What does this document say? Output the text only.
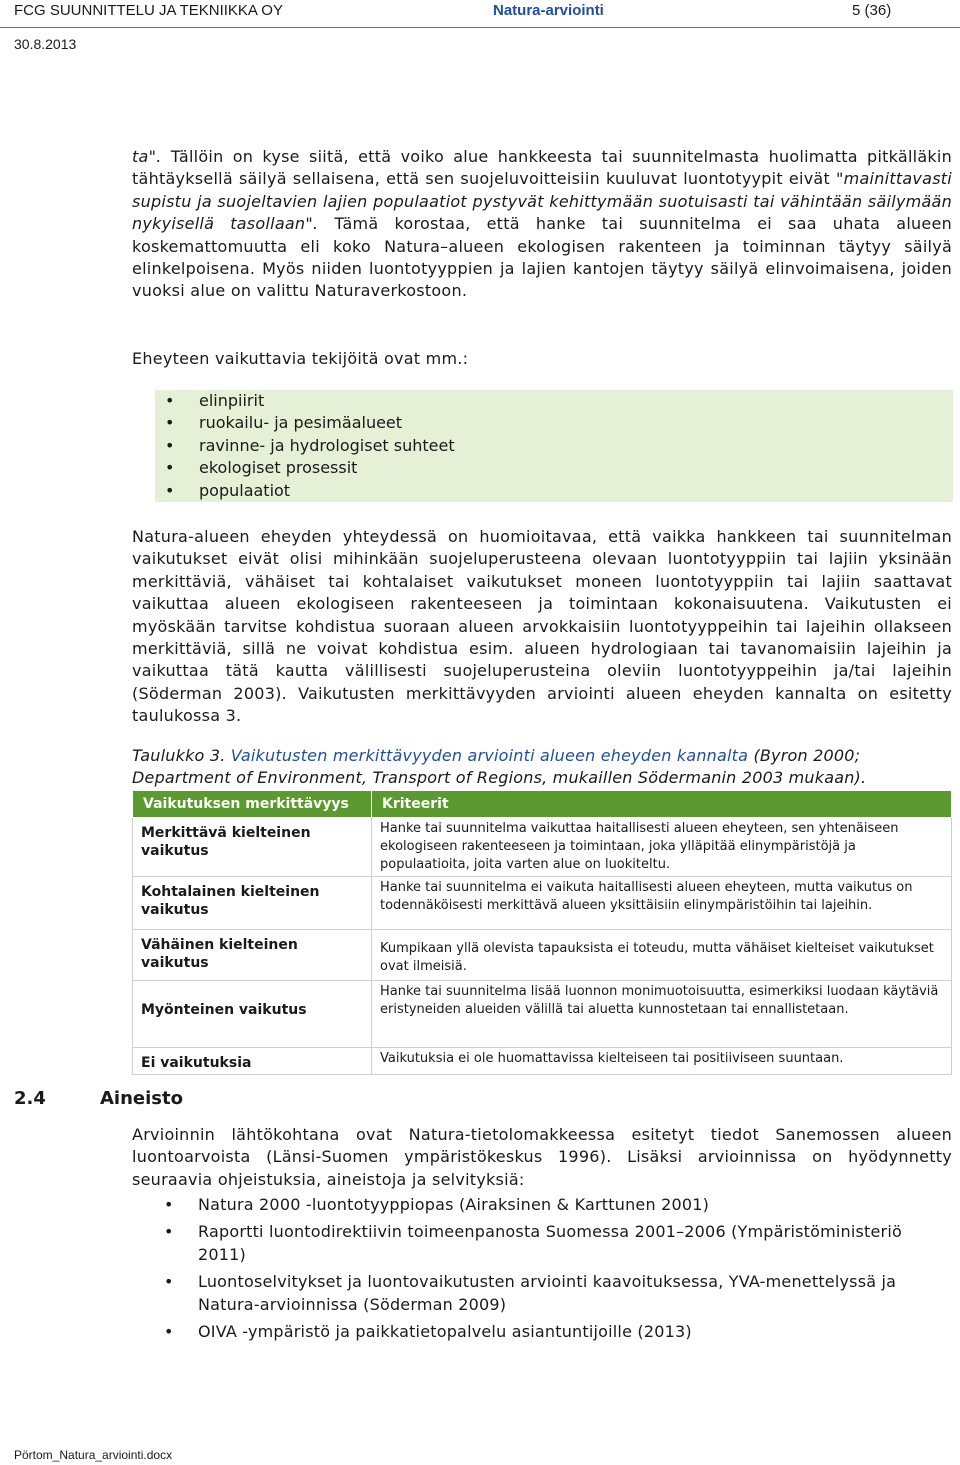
FCG SUUNNITTELU JA TEKNIIKKA OY	Natura-arviointi	5 (36)
30.8.2013
ta". Tällöin on kyse siitä, että voiko alue hankkeesta tai suunnitelmasta huolimatta pitkälläkin tähtäyksellä säilyä sellaisena, että sen suojeluvoitteisiin kuuluvat luontotyypit eivät "mainittavasti supistu ja suojeltavien lajien populaatiot pystyvät kehittymään suotuisasti tai vähintään säilymään nykyisellä tasollaan". Tämä korostaa, että hanke tai suunnitelma ei saa uhata alueen koskemattomuutta eli koko Natura–alueen ekologisen rakenteen ja toiminnan täytyy säilyä elinkelpoisena. Myös niiden luontotyyppien ja lajien kantojen täytyy säilyä elinvoimaisena, joiden vuoksi alue on valittu Naturaverkostoon.
Eheyteen vaikuttavia tekijöitä ovat mm.:
• elinpiirit
• ruokailu- ja pesimäalueet
• ravinne- ja hydrologiset suhteet
• ekologiset prosessit
• populaatiot
Natura-alueen eheyden yhteydessä on huomioitavaa, että vaikka hankkeen tai suunnitelman vaikutukset eivät olisi mihinkään suojeluperusteena olevaan luontotyyppiin tai lajiin yksinään merkittäviä, vähäiset tai kohtalaiset vaikutukset moneen luontotyyppiin tai lajiin saattavat vaikuttaa alueen ekologiseen rakenteeseen ja toimintaan kokonaisuutena. Vaikutusten ei myöskään tarvitse kohdistua suoraan alueen arvokkaisiin luontotyyppeihin tai lajeihin ollakseen merkittäviä, sillä ne voivat kohdistua esim. alueen hydrologiaan tai tavanomaisiin lajeihin ja vaikuttaa tätä kautta välillisesti suojeluperusteina oleviin luontotyyppeihin ja/tai lajeihin (Söderman 2003). Vaikutusten merkittävyyden arviointi alueen eheyden kannalta on esitetty taulukossa 3.
Taulukko 3. Vaikutusten merkittävyyden arviointi alueen eheyden kannalta (Byron 2000; Department of Environment, Transport of Regions, mukaillen Södermanin 2003 mukaan).
Vaikutuksen merkittävyys	Kriteerit
Merkittävä kielteinen vaikutus	Hanke tai suunnitelma vaikuttaa haitallisesti alueen eheyteen, sen yhtenäiseen ekologiseen rakenteeseen ja toimintaan, joka ylläpitää elinympäristöjä ja populaatioita, joita varten alue on luokiteltu.
Kohtalainen kielteinen vaikutus	Hanke tai suunnitelma ei vaikuta haitallisesti alueen eheyteen, mutta vaikutus on todennäköisesti merkittävä alueen yksittäisiin elinympäristöihin tai lajeihin.
Vähäinen kielteinen vaikutus	Kumpikaan yllä olevista tapauksista ei toteudu, mutta vähäiset kielteiset vaikutukset ovat ilmeisiä.
Myönteinen vaikutus	Hanke tai suunnitelma lisää luonnon monimuotoisuutta, esimerkiksi luodaan käytäviä eristyneiden alueiden välillä tai aluetta kunnostetaan tai ennallistetaan.
Ei vaikutuksia	Vaikutuksia ei ole huomattavissa kielteiseen tai positiiviseen suuntaan.
2.4	Aineisto
Arvioinnin lähtökohtana ovat Natura-tietolomakkeessa esitetyt tiedot Sanemossen alueen luontoarvoista (Länsi-Suomen ympäristökeskus 1996). Lisäksi arvioinnissa on hyödynnetty seuraavia ohjeistuksia, aineistoja ja selvityksiä:
• Natura 2000 -luontotyyppiopas (Airaksinen & Karttunen 2001)
• Raportti luontodirektiivin toimeenpanosta Suomessa 2001–2006 (Ympäristöministeriö 2011)
• Luontoselvitykset ja luontovaikutusten arviointi kaavoituksessa, YVA-menettelyssä ja Natura-arvioinnissa (Söderman 2009)
• OIVA -ympäristö ja paikkatietopalvelu asiantuntijoille (2013)
Pörtom_Natura_arviointi.docx
